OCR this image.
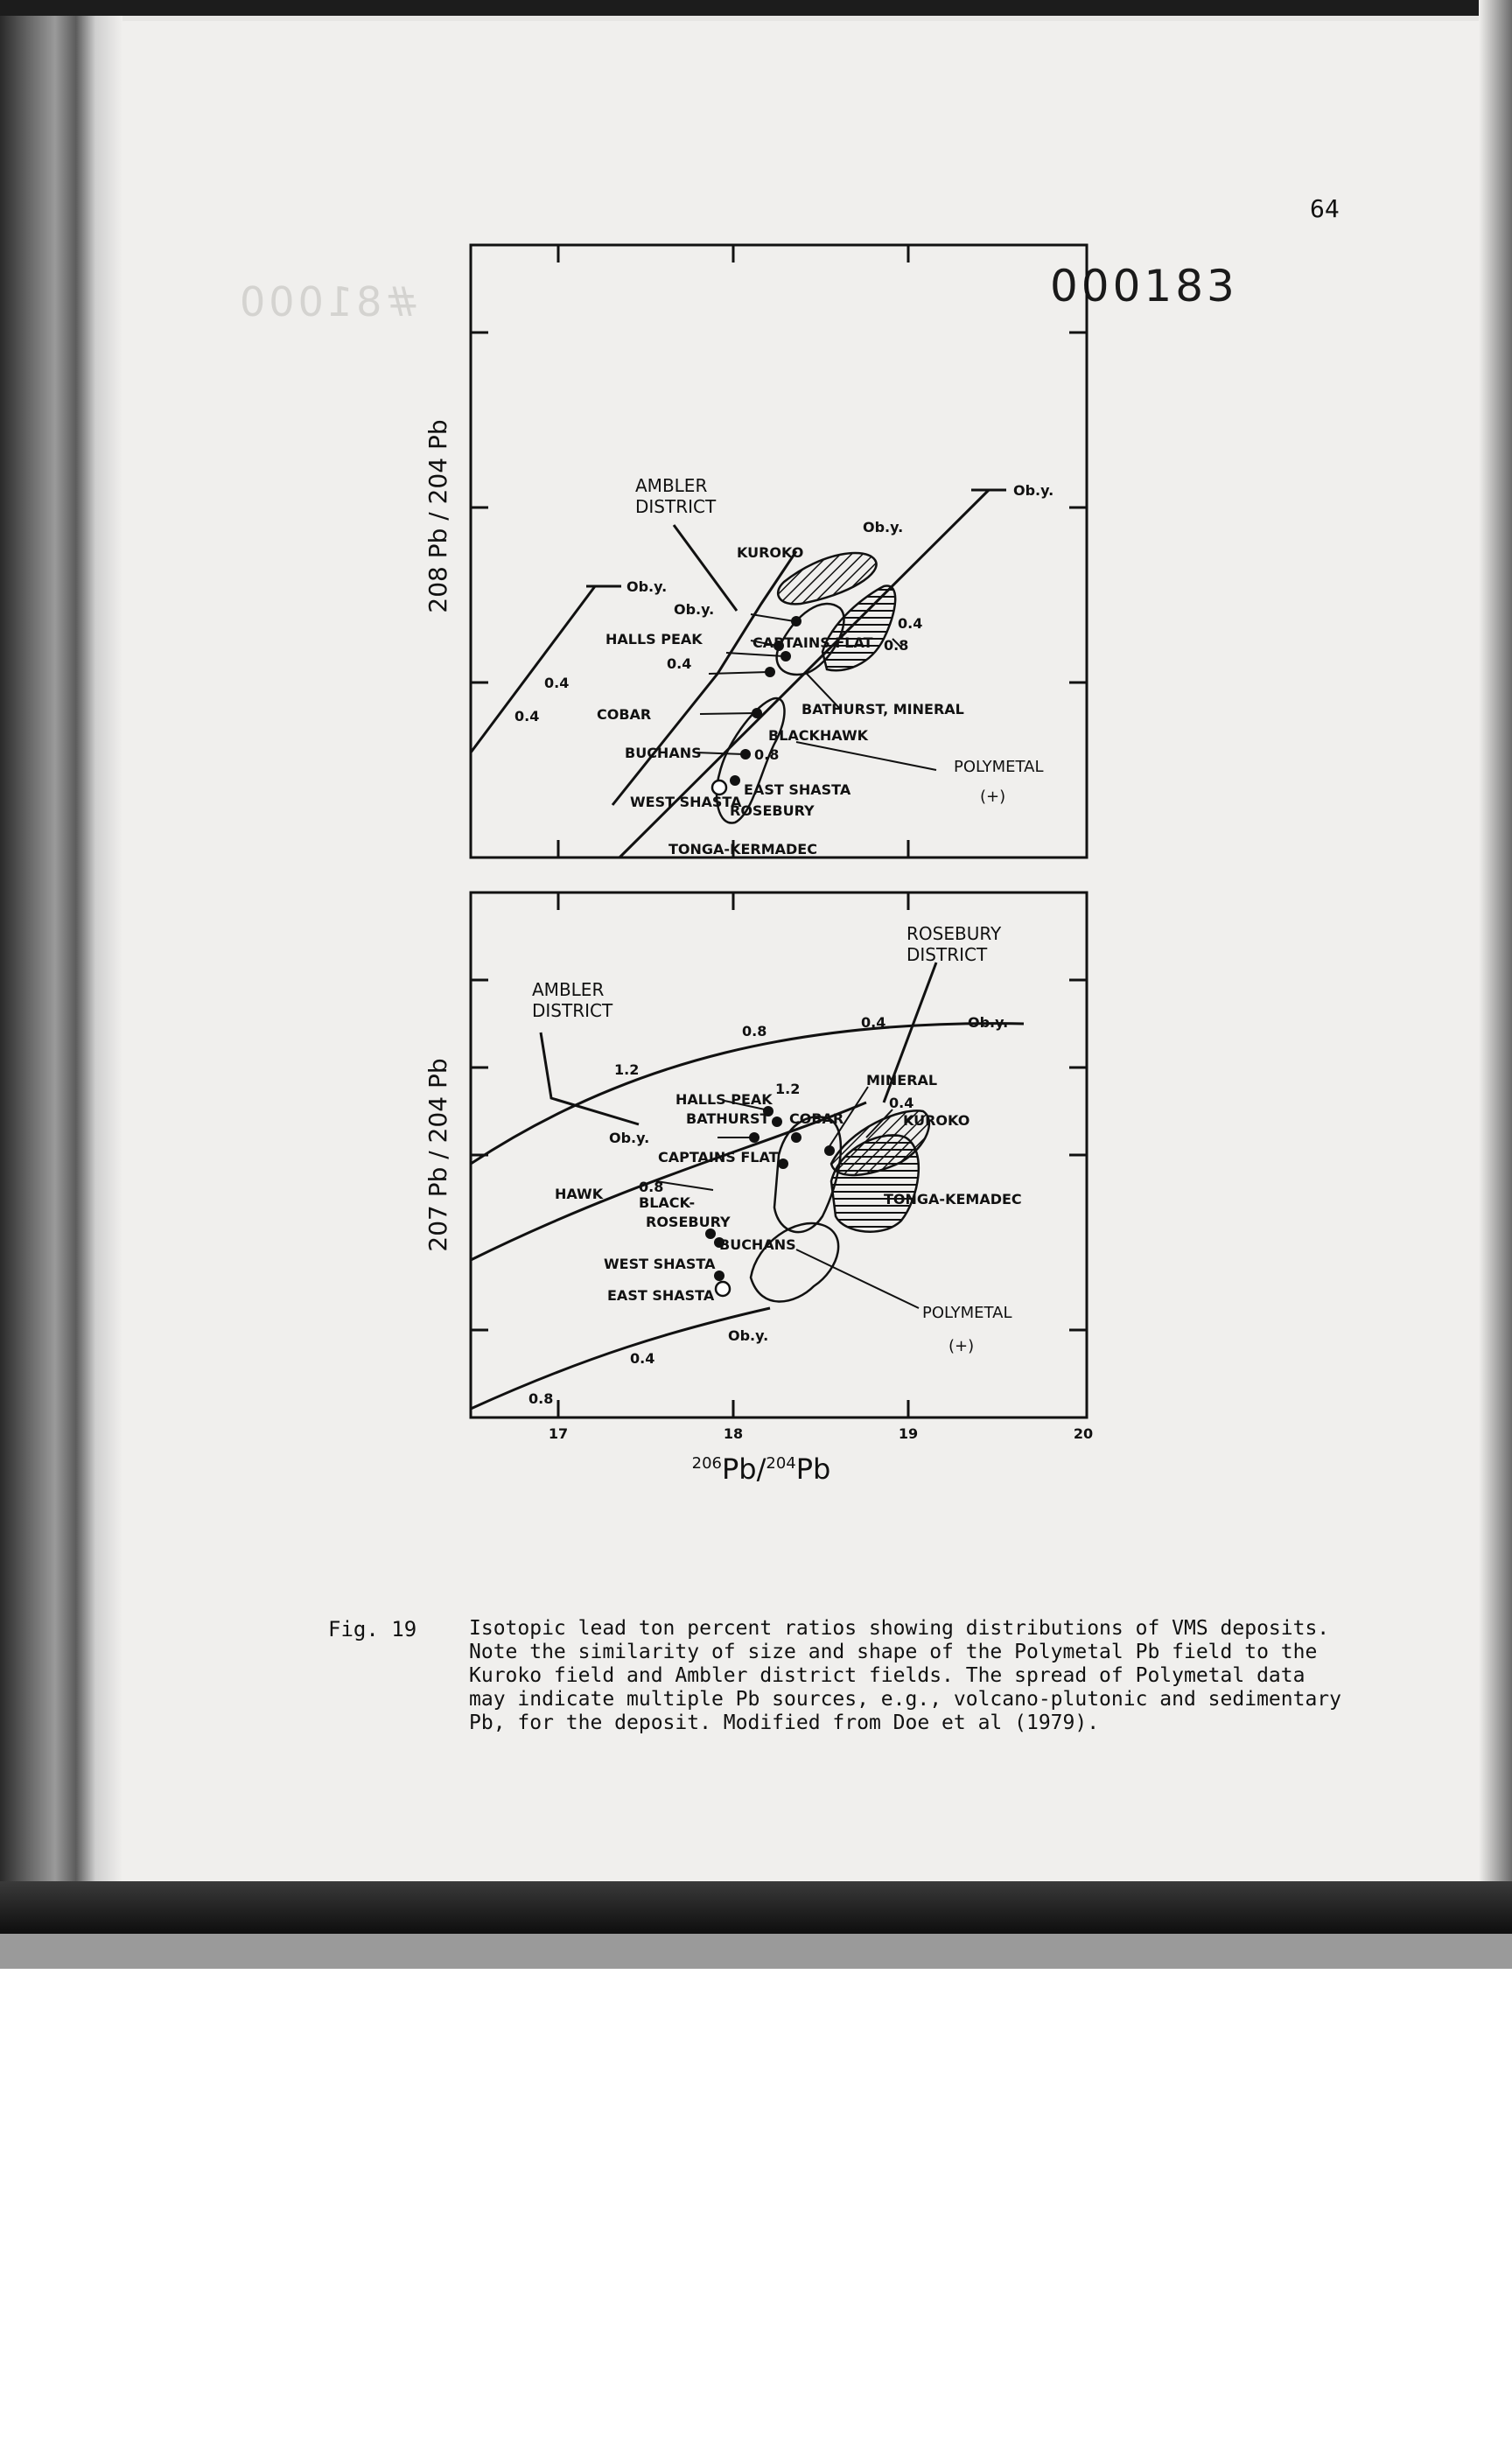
64
000183
#81000
AMBLER
DISTRICT
KUROKO
Ob.y.
Ob.y.
Ob.y.
Ob.y.
HALLS PEAK	CAPTAINS FLAT
0.4
0.4
0.4
0.4	COBAR	BATHURST, MINERAL
BLACKHAWK
BUCHANS	0.8
0.8
WEST SHASTA
EAST SHASTA
ROSEBURY
TONGA-KERMADEC
POLYMETAL
(+)
208 Pb / 204 Pb
ROSEBURY
DISTRICT
AMBLER
DISTRICT
0.8
0.4	Ob.y.
1.2
1.2
MINERAL
HALLS PEAK
BATHURST COBAR
0.4
KUROKO
Ob.y.
CAPTAINS FLAT
0.8
BLACK-
HAWK	TONGA-KEMADEC
ROSEBURY
BUCHANS
WEST SHASTA
EAST SHASTA
POLYMETAL
(+)
Ob.y.
0.4
0.8
17	18	19	20
$^{206}$Pb/$^{204}$Pb
207 Pb / 204 Pb
Fig. 19	Isotopic lead ton percent ratios showing distributions of VMS deposits.
Note the similarity of size and shape of the Polymetal Pb field to the
Kuroko field and Ambler district fields. The spread of Polymetal data
may indicate multiple Pb sources, e.g., volcano-plutonic and sedimentary
Pb, for the deposit. Modified from Doe et al (1979).
